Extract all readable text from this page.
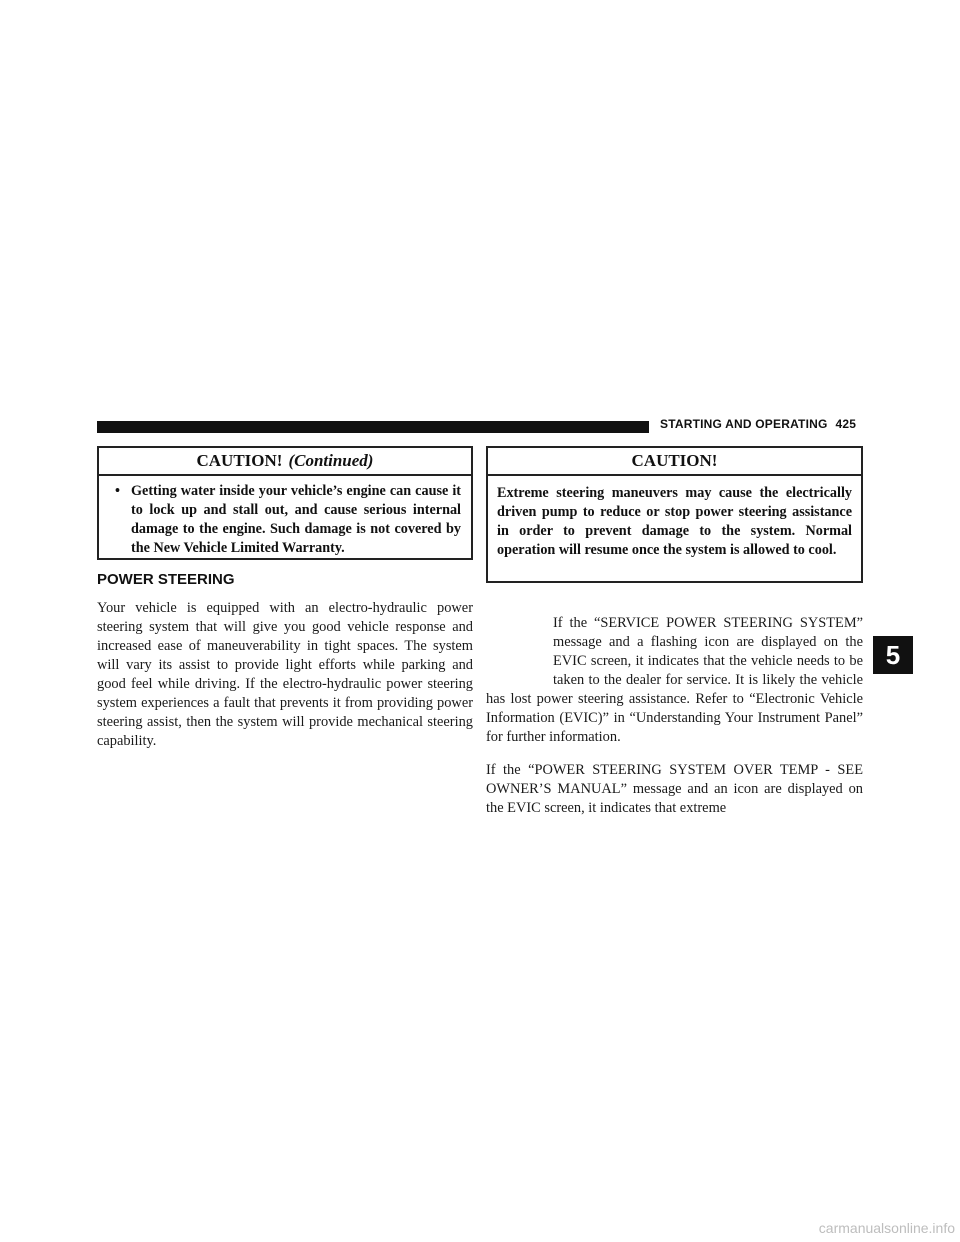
STARTING AND OPERATING 425
CAUTION! (Continued)
• Getting water inside your vehicle’s engine can cause it to lock up and stall out, and cause serious internal damage to the engine. Such damage is not covered by the New Vehicle Limited Warranty.
POWER STEERING
Your vehicle is equipped with an electro-hydraulic power steering system that will give you good vehicle response and increased ease of maneuverability in tight spaces. The system will vary its assist to provide light efforts while parking and good feel while driving. If the electro-hydraulic power steering system experiences a fault that prevents it from providing power steering assist, then the system will provide mechanical steering capability.
CAUTION!
Extreme steering maneuvers may cause the electrically driven pump to reduce or stop power steering assistance in order to prevent damage to the system. Normal operation will resume once the system is allowed to cool.
If the “SERVICE POWER STEERING SYSTEM” message and a flashing icon are displayed on the EVIC screen, it indicates that the vehicle needs to be taken to the dealer for service. It is likely the vehicle has lost power steering assistance. Refer to “Electronic Vehicle Information (EVIC)” in “Understanding Your Instrument Panel” for further information.
If the “POWER STEERING SYSTEM OVER TEMP - SEE OWNER’S MANUAL” message and an icon are displayed on the EVIC screen, it indicates that extreme
5
carmanualsonline.info
